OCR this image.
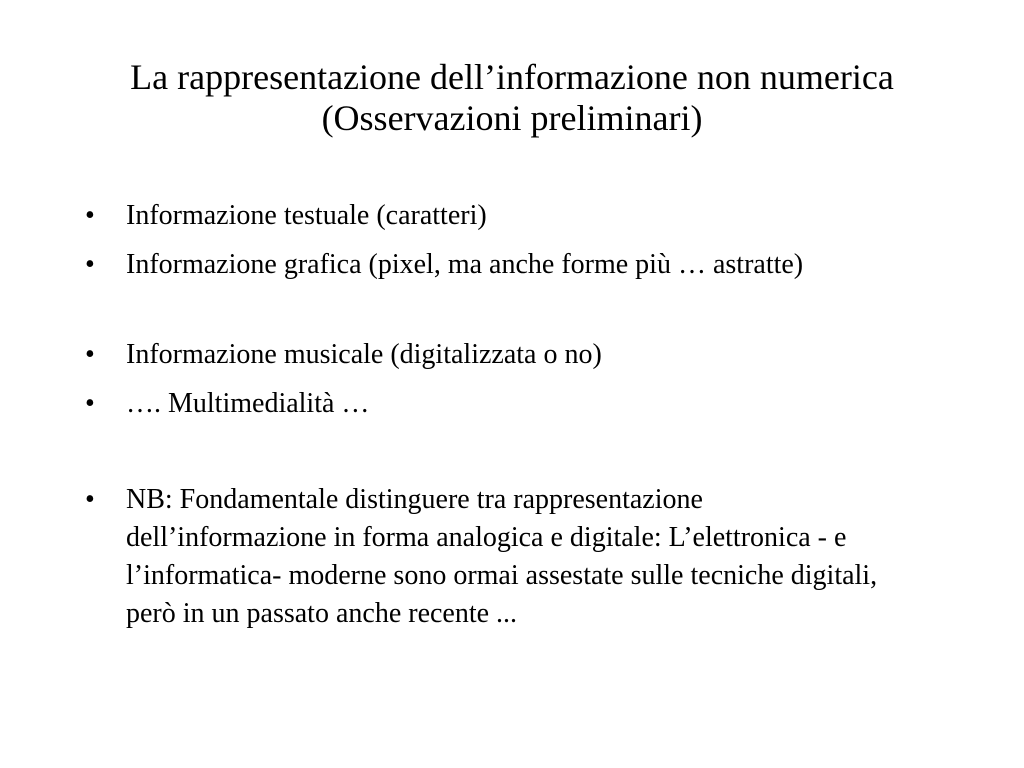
La rappresentazione dell’informazione non numerica
(Osservazioni preliminari)
•	Informazione testuale (caratteri)
•	Informazione grafica (pixel, ma anche forme più … astratte)
•	Informazione musicale (digitalizzata o no)
•	…. Multimedialità …
•	NB: Fondamentale distinguere tra rappresentazione dell’informazione in forma analogica e digitale: L’elettronica - e l’informatica- moderne sono ormai assestate sulle tecniche digitali, però in un passato anche recente ...
